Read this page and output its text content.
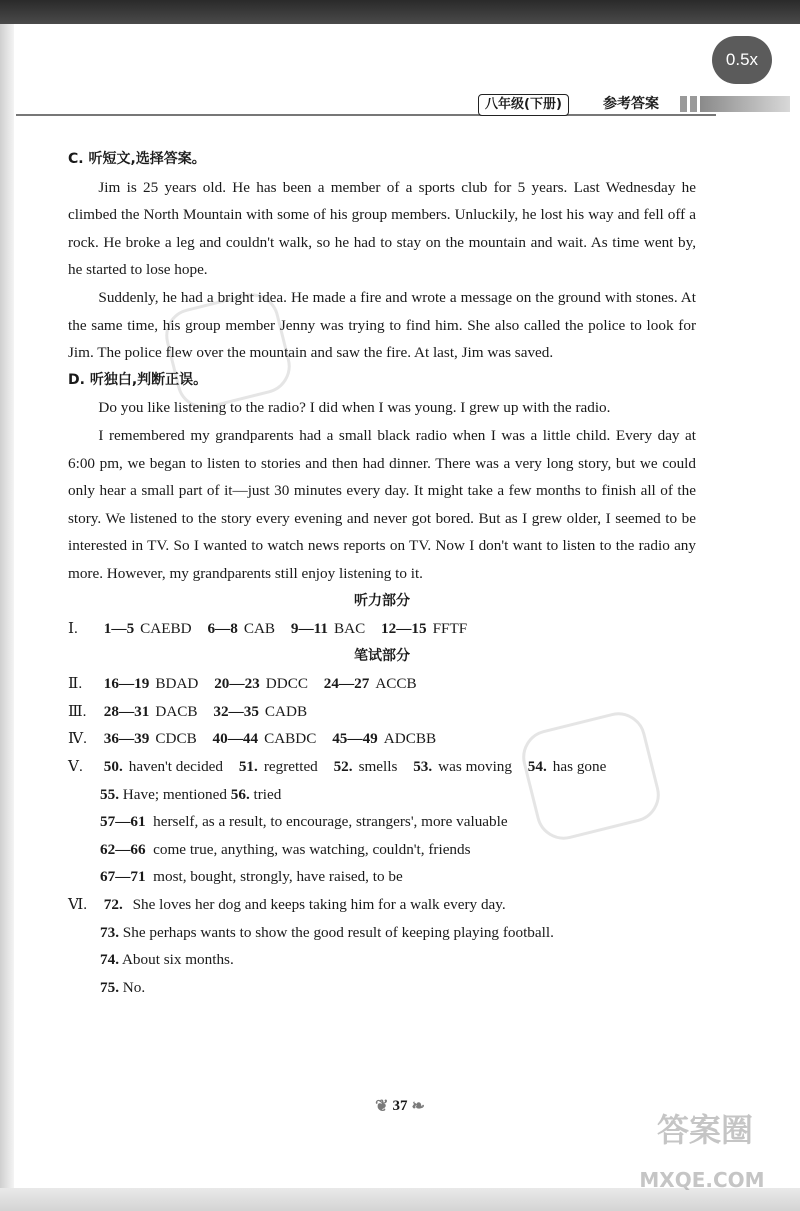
0.5x
八年级(下册)	参考答案
C. 听短文,选择答案。

Jim is 25 years old. He has been a member of a sports club for 5 years. Last Wednesday he climbed the North Mountain with some of his group members. Unluckily, he lost his way and fell off a rock. He broke a leg and couldn't walk, so he had to stay on the mountain and wait. As time went by, he started to lose hope.

Suddenly, he had a bright idea. He made a fire and wrote a message on the ground with stones. At the same time, his group member Jenny was trying to find him. She also called the police to look for Jim. The police flew over the mountain and saw the fire. At last, Jim was saved.

D. 听独白,判断正误。

Do you like listening to the radio? I did when I was young. I grew up with the radio.

I remembered my grandparents had a small black radio when I was a little child. Every day at 6:00 pm, we began to listen to stories and then had dinner. There was a very long story, but we could only hear a small part of it—just 30 minutes every day. It might take a few months to finish all of the story. We listened to the story every evening and never got bored. But as I grew older, I seemed to be interested in TV. So I wanted to watch news reports on TV. Now I don't want to listen to the radio any more. However, my grandparents still enjoy listening to it.

听力部分
Ⅰ. 1—5 CAEBD 6—8 CAB 9—11 BAC 12—15 FFTF
笔试部分
Ⅱ. 16—19 BDAD 20—23 DDCC 24—27 ACCB
Ⅲ. 28—31 DACB 32—35 CADB
Ⅳ. 36—39 CDCB 40—44 CABDC 45—49 ADCBB
Ⅴ. 50. haven't decided 51. regretted 52. smells 53. was moving 54. has gone
55. Have; mentioned 56. tried
57—61 herself, as a result, to encourage, strangers', more valuable
62—66 come true, anything, was watching, couldn't, friends
67—71 most, bought, strongly, have raised, to be
Ⅵ. 72. She loves her dog and keeps taking him for a walk every day.
73. She perhaps wants to show the good result of keeping playing football.
74. About six months.
75. No.
❦ 37 ❧
答案圈
MXQE.COM
